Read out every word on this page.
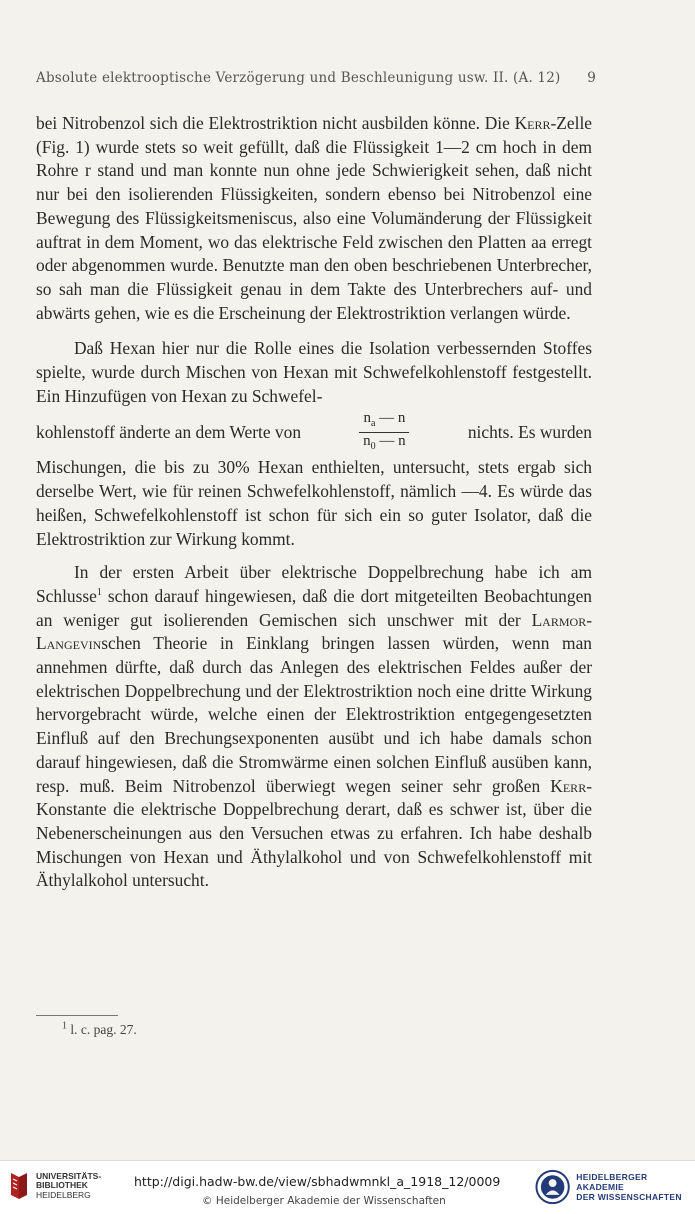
Absolute elektrooptische Verzögerung und Beschleunigung usw. II. (A. 12) 9

bei Nitrobenzol sich die Elektrostriktion nicht ausbilden könne. Die Kerr-Zelle (Fig. 1) wurde stets so weit gefüllt, daß die Flüssigkeit 1—2 cm hoch in dem Rohre r stand und man konnte nun ohne jede Schwierigkeit sehen, daß nicht nur bei den isolierenden Flüssigkeiten, sondern ebenso bei Nitrobenzol eine Bewegung des Flüssigkeitsmeniscus, also eine Volumänderung der Flüssigkeit auftrat in dem Moment, wo das elektrische Feld zwischen den Platten aa erregt oder abgenommen wurde. Benutzte man den oben beschriebenen Unterbrecher, so sah man die Flüssigkeit genau in dem Takte des Unterbrechers auf- und abwärts gehen, wie es die Erscheinung der Elektrostriktion verlangen würde.

Daß Hexan hier nur die Rolle eines die Isolation verbessernden Stoffes spielte, wurde durch Mischen von Hexan mit Schwefelkohlenstoff festgestellt. Ein Hinzufügen von Hexan zu Schwefel-

kohlenstoff änderte an dem Werte von	$\frac{n_a — n}{n_0 — n}$	nichts. Es wurden

Mischungen, die bis zu 30% Hexan enthielten, untersucht, stets ergab sich derselbe Wert, wie für reinen Schwefelkohlenstoff, nämlich —4. Es würde das heißen, Schwefelkohlenstoff ist schon für sich ein so guter Isolator, daß die Elektrostriktion zur Wirkung kommt.

In der ersten Arbeit über elektrische Doppelbrechung habe ich am Schlusse$^1$ schon darauf hingewiesen, daß die dort mitgeteilten Beobachtungen an weniger gut isolierenden Gemischen sich unschwer mit der Larmor-Langevinschen Theorie in Einklang bringen lassen würden, wenn man annehmen dürfte, daß durch das Anlegen des elektrischen Feldes außer der elektrischen Doppelbrechung und der Elektrostriktion noch eine dritte Wirkung hervorgebracht würde, welche einen der Elektrostriktion entgegengesetzten Einfluß auf den Brechungsexponenten ausübt und ich habe damals schon darauf hingewiesen, daß die Stromwärme einen solchen Einfluß ausüben kann, resp. muß. Beim Nitrobenzol überwiegt wegen seiner sehr großen Kerr-Konstante die elektrische Doppelbrechung derart, daß es schwer ist, über die Nebenerscheinungen aus den Versuchen etwas zu erfahren. Ich habe deshalb Mischungen von Hexan und Äthylalkohol und von Schwefelkohlenstoff mit Äthylalkohol untersucht.

$^1$ l. c. pag. 27.
UNIVERSITÄTS-
BIBLIOTHEK
HEIDELBERG
http://digi.hadw-bw.de/view/sbhadwmnkl_a_1918_12/0009
© Heidelberger Akademie der Wissenschaften
HEIDELBERGER AKADEMIE
DER WISSENSCHAFTEN
